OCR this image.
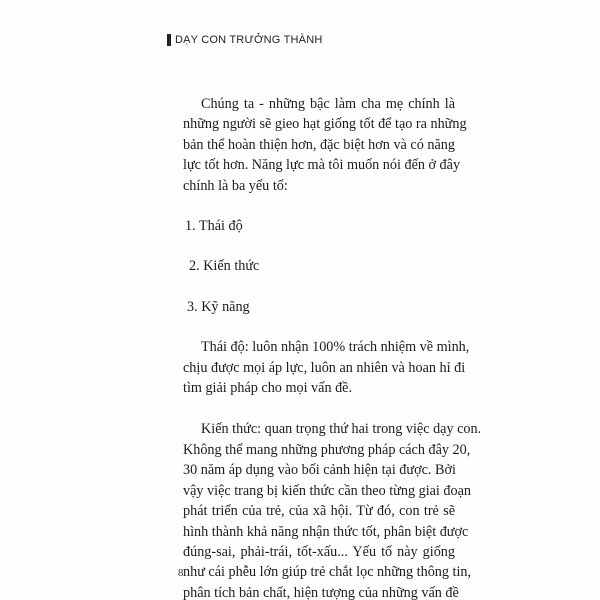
DẠY CON TRƯỞNG THÀNH

Chúng ta - những bậc làm cha mẹ chính là
những người sẽ gieo hạt giống tốt để tạo ra những
bản thể hoàn thiện hơn, đặc biệt hơn và có năng
lực tốt hơn. Năng lực mà tôi muốn nói đến ở đây
chính là ba yếu tố:

1. Thái độ
2. Kiến thức
3. Kỹ năng

Thái độ: luôn nhận 100% trách nhiệm về mình,
chịu được mọi áp lực, luôn an nhiên và hoan hỉ đi
tìm giải pháp cho mọi vấn đề.

Kiến thức: quan trọng thứ hai trong việc dạy con.
Không thể mang những phương pháp cách đây 20,
30 năm áp dụng vào bối cảnh hiện tại được. Bởi
vậy việc trang bị kiến thức cần theo từng giai đoạn
phát triển của trẻ, của xã hội. Từ đó, con trẻ sẽ
hình thành khả năng nhận thức tốt, phân biệt được
đúng-sai, phải-trái, tốt-xấu... Yếu tố này giống
như cái phễu lớn giúp trẻ chắt lọc những thông tin,
phân tích bản chất, hiện tượng của những vấn đề

8
